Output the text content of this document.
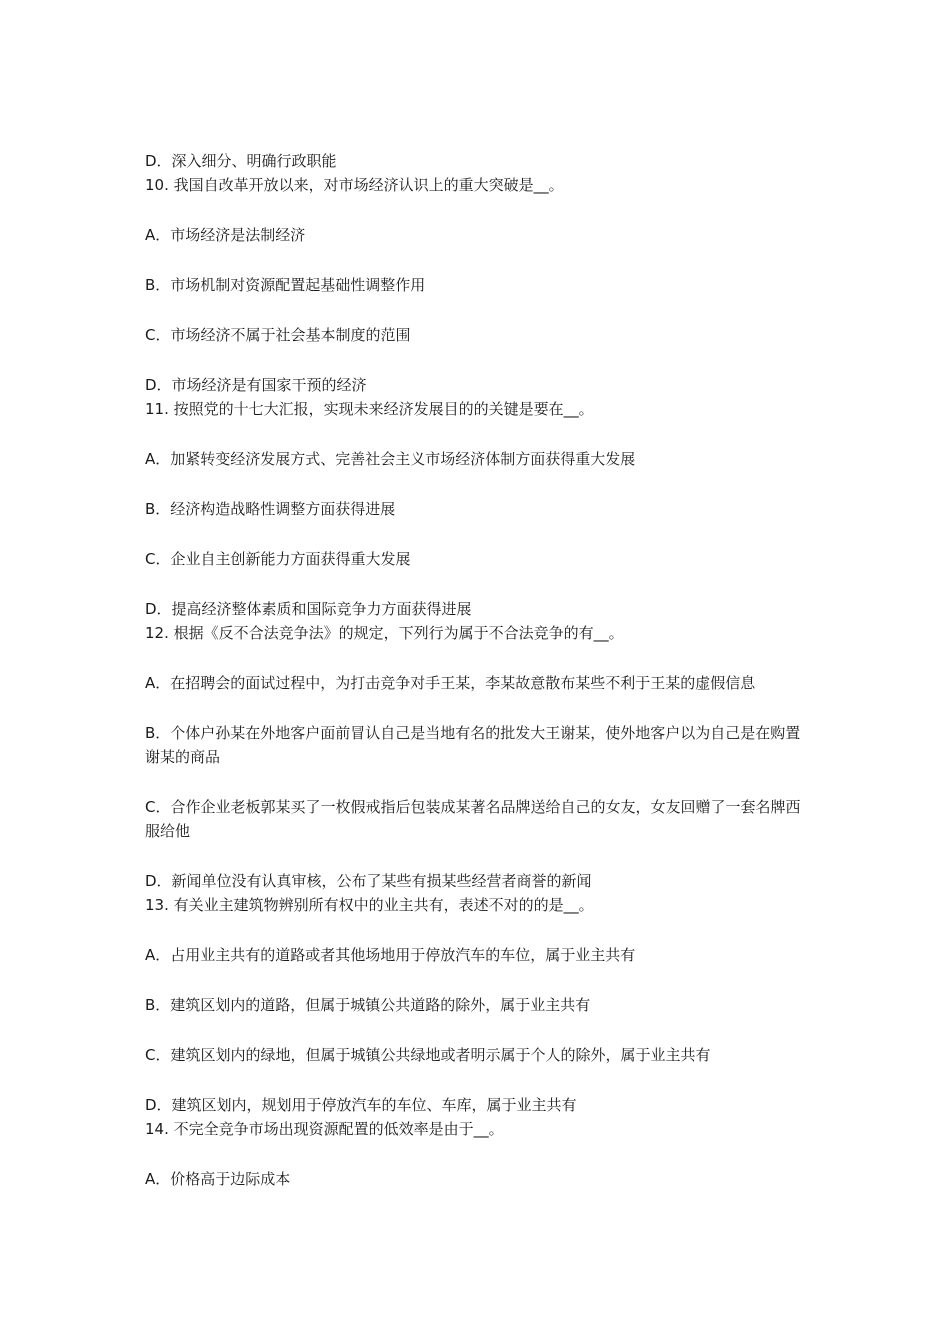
D．深入细分、明确行政职能

10. 我国自改革开放以来，对市场经济认识上的重大突破是__。

A．市场经济是法制经济

B．市场机制对资源配置起基础性调整作用

C．市场经济不属于社会基本制度的范围

D．市场经济是有国家干预的经济

11. 按照党的十七大汇报，实现未来经济发展目的的关键是要在__。

A．加紧转变经济发展方式、完善社会主义市场经济体制方面获得重大发展

B．经济构造战略性调整方面获得进展

C．企业自主创新能力方面获得重大发展

D．提高经济整体素质和国际竞争力方面获得进展

12. 根据《反不合法竞争法》的规定，下列行为属于不合法竞争的有__。

A．在招聘会的面试过程中，为打击竞争对手王某，李某故意散布某些不利于王某的虚假信息

B．个体户孙某在外地客户面前冒认自己是当地有名的批发大王谢某，使外地客户以为自己是在购置谢某的商品

C．合作企业老板郭某买了一枚假戒指后包装成某著名品牌送给自己的女友，女友回赠了一套名牌西服给他

D．新闻单位没有认真审核，公布了某些有损某些经营者商誉的新闻

13. 有关业主建筑物辨别所有权中的业主共有，表述不对的的是__。

A．占用业主共有的道路或者其他场地用于停放汽车的车位，属于业主共有

B．建筑区划内的道路，但属于城镇公共道路的除外，属于业主共有

C．建筑区划内的绿地，但属于城镇公共绿地或者明示属于个人的除外，属于业主共有

D．建筑区划内，规划用于停放汽车的车位、车库，属于业主共有

14. 不完全竞争市场出现资源配置的低效率是由于__。

A．价格高于边际成本
